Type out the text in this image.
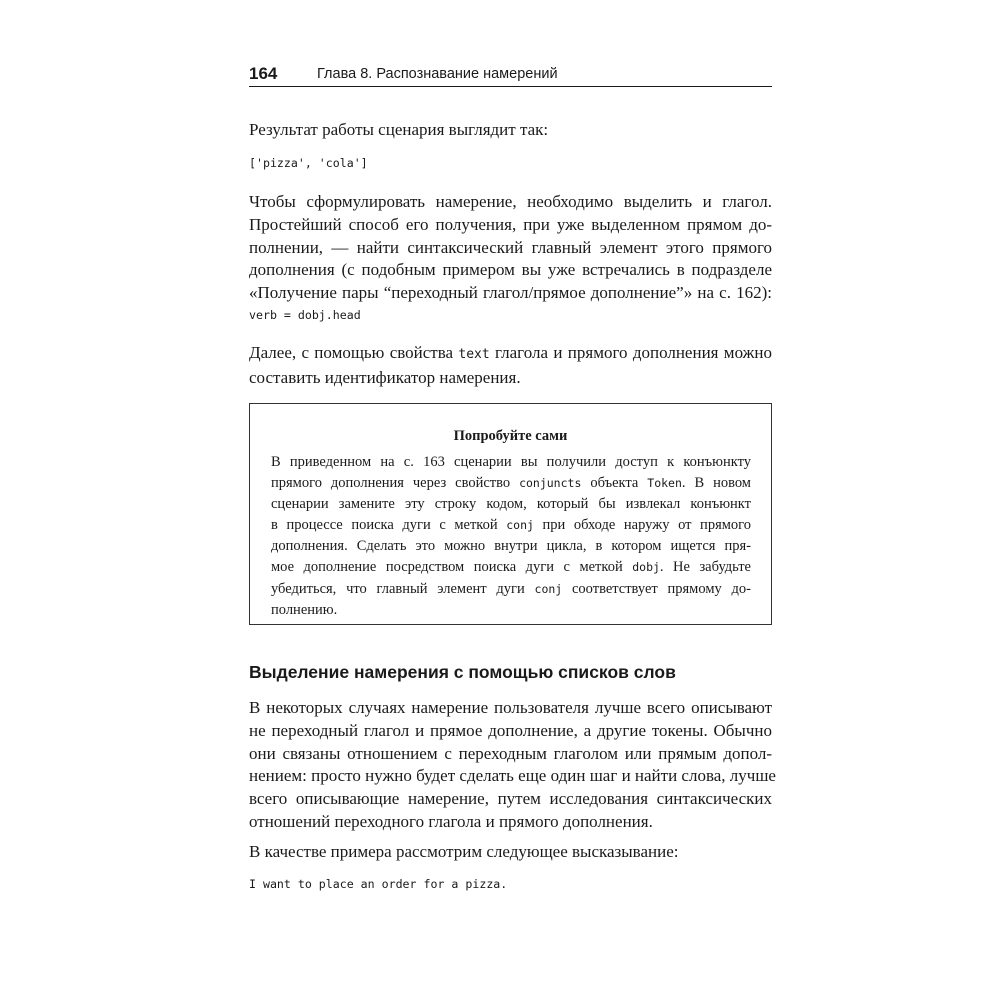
164	Глава 8. Распознавание намерений

Результат работы сценария выглядит так:

['pizza', 'cola']

Чтобы сформулировать намерение, необходимо выделить и глагол.
Простейший способ его получения, при уже выделенном прямом до-
полнении, — найти синтаксический главный элемент этого прямого
дополнения (с подобным примером вы уже встречались в подразделе
«Получение пары “переходный глагол/прямое дополнение”» на с. 162):

verb = dobj.head

Далее, с помощью свойства text глагола и прямого дополнения можно
составить идентификатор намерения.

Попробуйте сами

В приведенном на с. 163 сценарии вы получили доступ к конъюнкту
прямого дополнения через свойство conjuncts объекта Token. В новом
сценарии замените эту строку кодом, который бы извлекал конъюнкт
в процессе поиска дуги с меткой conj при обходе наружу от прямого
дополнения. Сделать это можно внутри цикла, в котором ищется пря-
мое дополнение посредством поиска дуги с меткой dobj. Не забудьте
убедиться, что главный элемент дуги conj соответствует прямому до-
полнению.

Выделение намерения с помощью списков слов

В некоторых случаях намерение пользователя лучше всего описывают
не переходный глагол и прямое дополнение, а другие токены. Обычно
они связаны отношением с переходным глаголом или прямым допол-
нением: просто нужно будет сделать еще один шаг и найти слова, лучше
всего описывающие намерение, путем исследования синтаксических
отношений переходного глагола и прямого дополнения.

В качестве примера рассмотрим следующее высказывание:

I want to place an order for a pizza.
